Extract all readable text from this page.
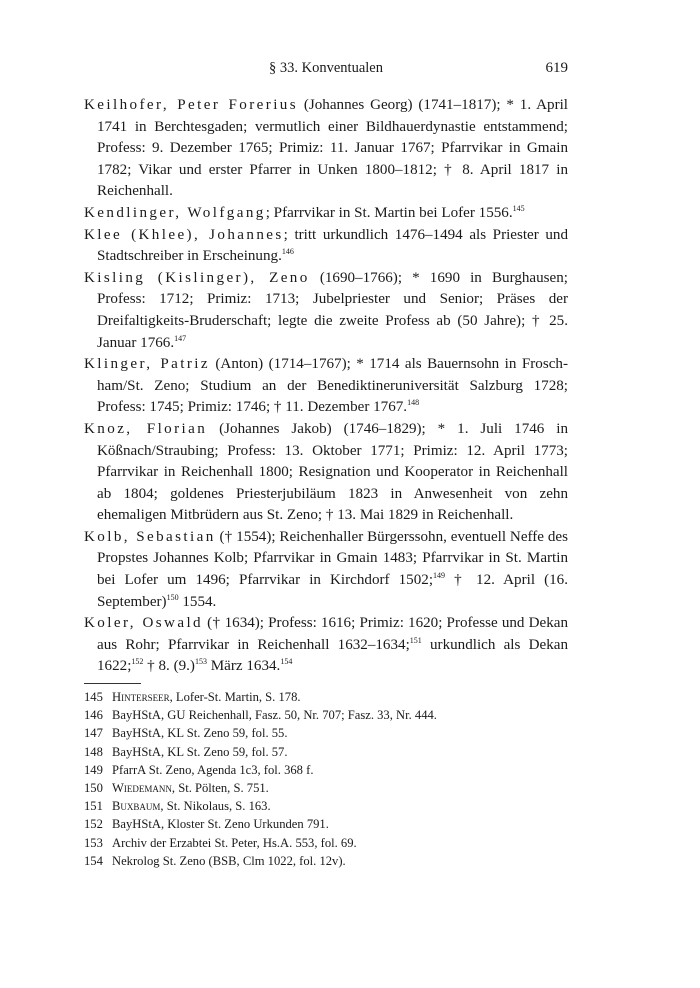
§ 33. Konventualen	619

Keilhofer, Peter Forerius (Johannes Georg) (1741–1817); * 1. April 1741 in Berchtesgaden; vermutlich einer Bildhauerdynastie entstammend; Profess: 9. Dezember 1765; Primiz: 11. Januar 1767; Pfarrvikar in Gmain 1782; Vikar und erster Pfarrer in Unken 1800–1812; † 8. April 1817 in Reichenhall.

Kendlinger, Wolfgang; Pfarrvikar in St. Martin bei Lofer 1556.$^{145}$

Klee (Khlee), Johannes; tritt urkundlich 1476–1494 als Priester und Stadtschreiber in Erscheinung.$^{146}$

Kisling (Kislinger), Zeno (1690–1766); * 1690 in Burghausen; Profess: 1712; Primiz: 1713; Jubelpriester und Senior; Präses der Dreifaltigkeits-Bruderschaft; legte die zweite Profess ab (50 Jahre); † 25. Januar 1766.$^{147}$

Klinger, Patriz (Anton) (1714–1767); * 1714 als Bauernsohn in Frosch-ham/St. Zeno; Studium an der Benediktineruniversität Salzburg 1728; Profess: 1745; Primiz: 1746; † 11. Dezember 1767.$^{148}$

Knoz, Florian (Johannes Jakob) (1746–1829); * 1. Juli 1746 in Kößnach/Straubing; Profess: 13. Oktober 1771; Primiz: 12. April 1773; Pfarrvikar in Reichenhall 1800; Resignation und Kooperator in Reichenhall ab 1804; goldenes Priesterjubiläum 1823 in Anwesenheit von zehn ehemaligen Mitbrüdern aus St. Zeno; † 13. Mai 1829 in Reichenhall.

Kolb, Sebastian († 1554); Reichenhaller Bürgerssohn, eventuell Neffe des Propstes Johannes Kolb; Pfarrvikar in Gmain 1483; Pfarrvikar in St. Martin bei Lofer um 1496; Pfarrvikar in Kirchdorf 1502;$^{149}$ † 12. April (16. September)$^{150}$ 1554.

Koler, Oswald († 1634); Profess: 1616; Primiz: 1620; Professe und Dekan aus Rohr; Pfarrvikar in Reichenhall 1632–1634;$^{151}$ urkundlich als Dekan 1622;$^{152}$ † 8. $(9.)^{153}$ März 1634.$^{154}$

145 Hinterseer, Lofer-St. Martin, S. 178.
146 BayHStA, GU Reichenhall, Fasz. 50, Nr. 707; Fasz. 33, Nr. 444.
147 BayHStA, KL St. Zeno 59, fol. 55.
148 BayHStA, KL St. Zeno 59, fol. 57.
149 PfarrA St. Zeno, Agenda 1c3, fol. 368 f.
150 Wiedemann, St. Pölten, S. 751.
151 Buxbaum, St. Nikolaus, S. 163.
152 BayHStA, Kloster St. Zeno Urkunden 791.
153 Archiv der Erzabtei St. Peter, Hs.A. 553, fol. 69.
154 Nekrolog St. Zeno (BSB, Clm 1022, fol. 12v).
